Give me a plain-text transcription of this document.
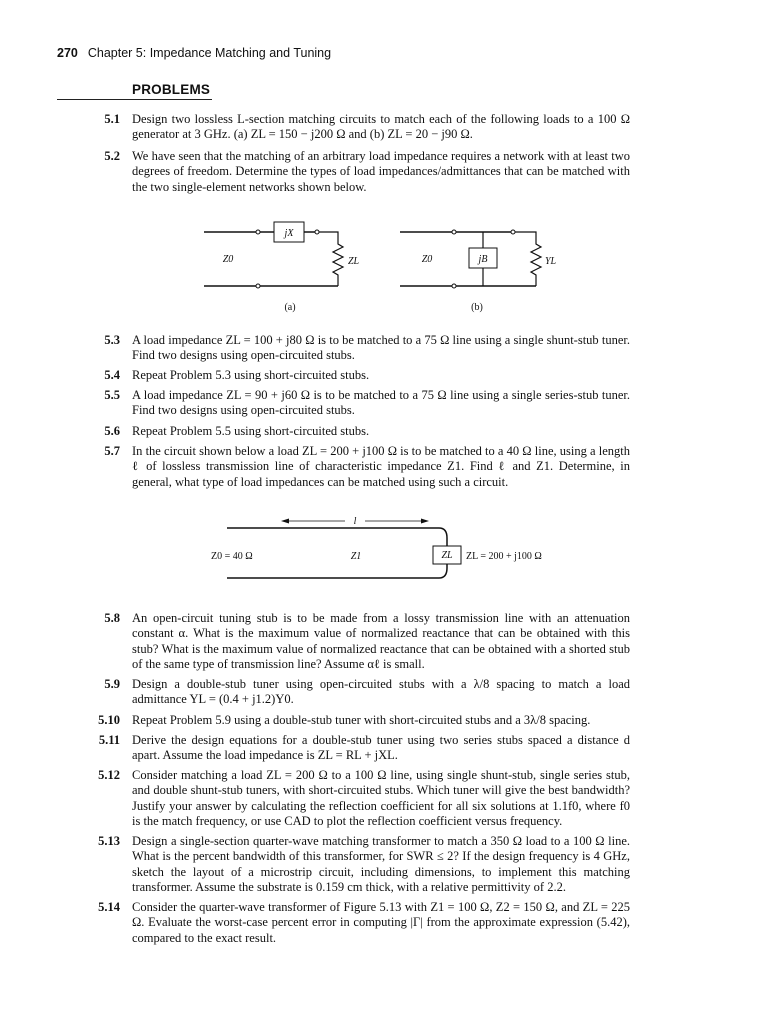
270 Chapter 5: Impedance Matching and Tuning
PROBLEMS
5.1 Design two lossless L-section matching circuits to match each of the following loads to a 100 Ω generator at 3 GHz. (a) ZL = 150 − j200 Ω and (b) ZL = 20 − j90 Ω.
5.2 We have seen that the matching of an arbitrary load impedance requires a network with at least two degrees of freedom. Determine the types of load impedances/admittances that can be matched with the two single-element networks shown below.
jX
Z0	ZL
(a)
jB
Z0	YL
(b)
5.3 A load impedance ZL = 100 + j80 Ω is to be matched to a 75 Ω line using a single shunt-stub tuner. Find two designs using open-circuited stubs.
5.4 Repeat Problem 5.3 using short-circuited stubs.
5.5 A load impedance ZL = 90 + j60 Ω is to be matched to a 75 Ω line using a single series-stub tuner. Find two designs using open-circuited stubs.
5.6 Repeat Problem 5.5 using short-circuited stubs.
5.7 In the circuit shown below a load ZL = 200 + j100 Ω is to be matched to a 40 Ω line, using a length ℓ of lossless transmission line of characteristic impedance Z1. Find ℓ and Z1. Determine, in general, what type of load impedances can be matched using such a circuit.
l
Z0 = 40 Ω	Z1	ZL ZL = 200 + j100 Ω
5.8 An open-circuit tuning stub is to be made from a lossy transmission line with an attenuation constant α. What is the maximum value of normalized reactance that can be obtained with this stub? What is the maximum value of normalized reactance that can be obtained with a shorted stub of the same type of transmission line? Assume αℓ is small.
5.9 Design a double-stub tuner using open-circuited stubs with a λ/8 spacing to match a load admittance YL = (0.4 + j1.2)Y0.
5.10 Repeat Problem 5.9 using a double-stub tuner with short-circuited stubs and a 3λ/8 spacing.
5.11 Derive the design equations for a double-stub tuner using two series stubs spaced a distance d apart. Assume the load impedance is ZL = RL + jXL.
5.12 Consider matching a load ZL = 200 Ω to a 100 Ω line, using single shunt-stub, single series stub, and double shunt-stub tuners, with short-circuited stubs. Which tuner will give the best bandwidth? Justify your answer by calculating the reflection coefficient for all six solutions at 1.1f0, where f0 is the match frequency, or use CAD to plot the reflection coefficient versus frequency.
5.13 Design a single-section quarter-wave matching transformer to match a 350 Ω load to a 100 Ω line. What is the percent bandwidth of this transformer, for SWR ≤ 2? If the design frequency is 4 GHz, sketch the layout of a microstrip circuit, including dimensions, to implement this matching transformer. Assume the substrate is 0.159 cm thick, with a relative permittivity of 2.2.
5.14 Consider the quarter-wave transformer of Figure 5.13 with Z1 = 100 Ω, Z2 = 150 Ω, and ZL = 225 Ω. Evaluate the worst-case percent error in computing |Γ| from the approximate expression (5.42), compared to the exact result.
